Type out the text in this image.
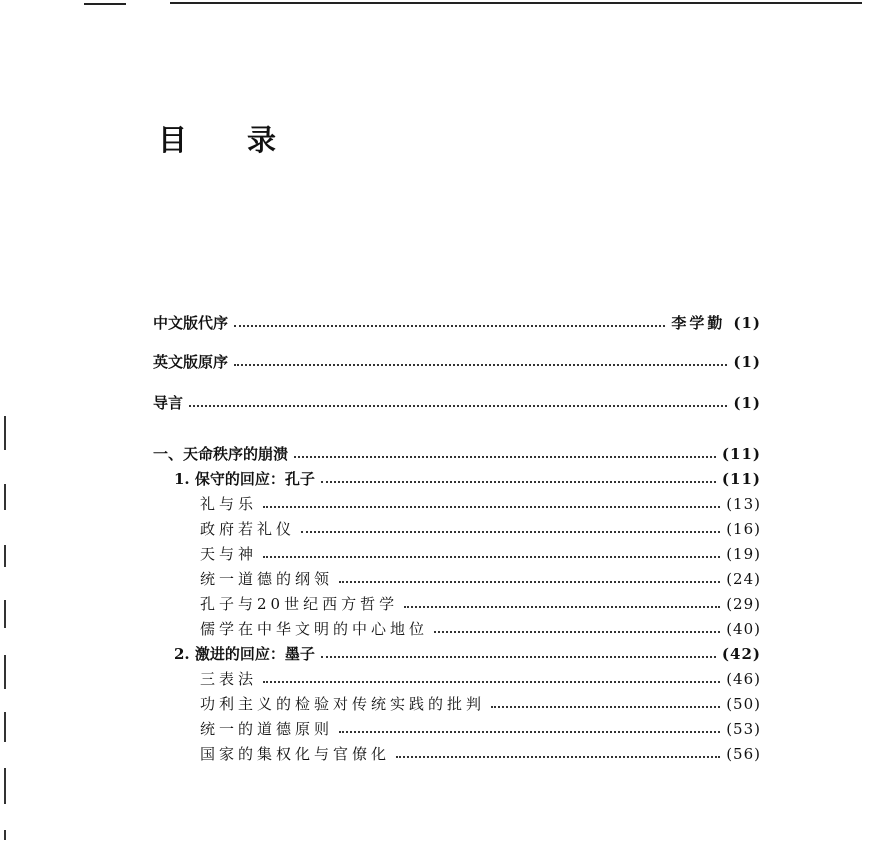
目 录
中文版代序	李学勤 (1)
英文版原序	(1)
导言	(1)
一、天命秩序的崩溃	(11)
1. 保守的回应：孔子	(11)
礼与乐	(13)
政府若礼仪	(16)
天与神	(19)
统一道德的纲领	(24)
孔子与20世纪西方哲学	(29)
儒学在中华文明的中心地位	(40)
2. 激进的回应：墨子	(42)
三表法	(46)
功利主义的检验对传统实践的批判	(50)
统一的道德原则	(53)
国家的集权化与官僚化	(56)
